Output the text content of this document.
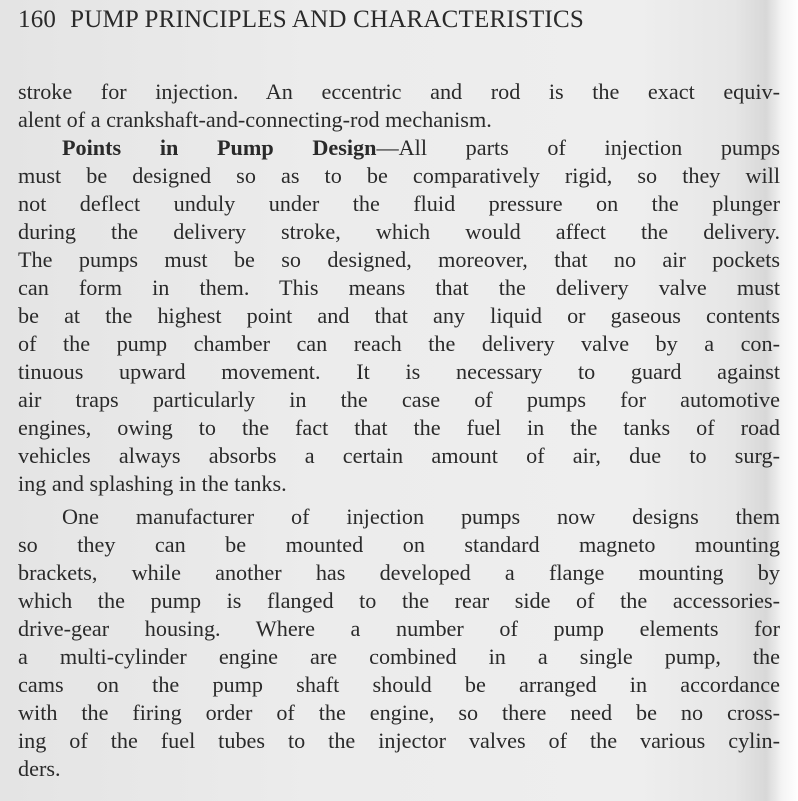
160 PUMP PRINCIPLES AND CHARACTERISTICS
stroke for injection. An eccentric and rod is the exact equiv-
alent of a crankshaft-and-connecting-rod mechanism.
Points in Pump Design—All parts of injection pumps
must be designed so as to be comparatively rigid, so they will
not deflect unduly under the fluid pressure on the plunger
during the delivery stroke, which would affect the delivery.
The pumps must be so designed, moreover, that no air pockets
can form in them. This means that the delivery valve must
be at the highest point and that any liquid or gaseous contents
of the pump chamber can reach the delivery valve by a con-
tinuous upward movement. It is necessary to guard against
air traps particularly in the case of pumps for automotive
engines, owing to the fact that the fuel in the tanks of road
vehicles always absorbs a certain amount of air, due to surg-
ing and splashing in the tanks.
One manufacturer of injection pumps now designs them
so they can be mounted on standard magneto mounting
brackets, while another has developed a flange mounting by
which the pump is flanged to the rear side of the accessories-
drive-gear housing. Where a number of pump elements for
a multi-cylinder engine are combined in a single pump, the
cams on the pump shaft should be arranged in accordance
with the firing order of the engine, so there need be no cross-
ing of the fuel tubes to the injector valves of the various cylin-
ders.
